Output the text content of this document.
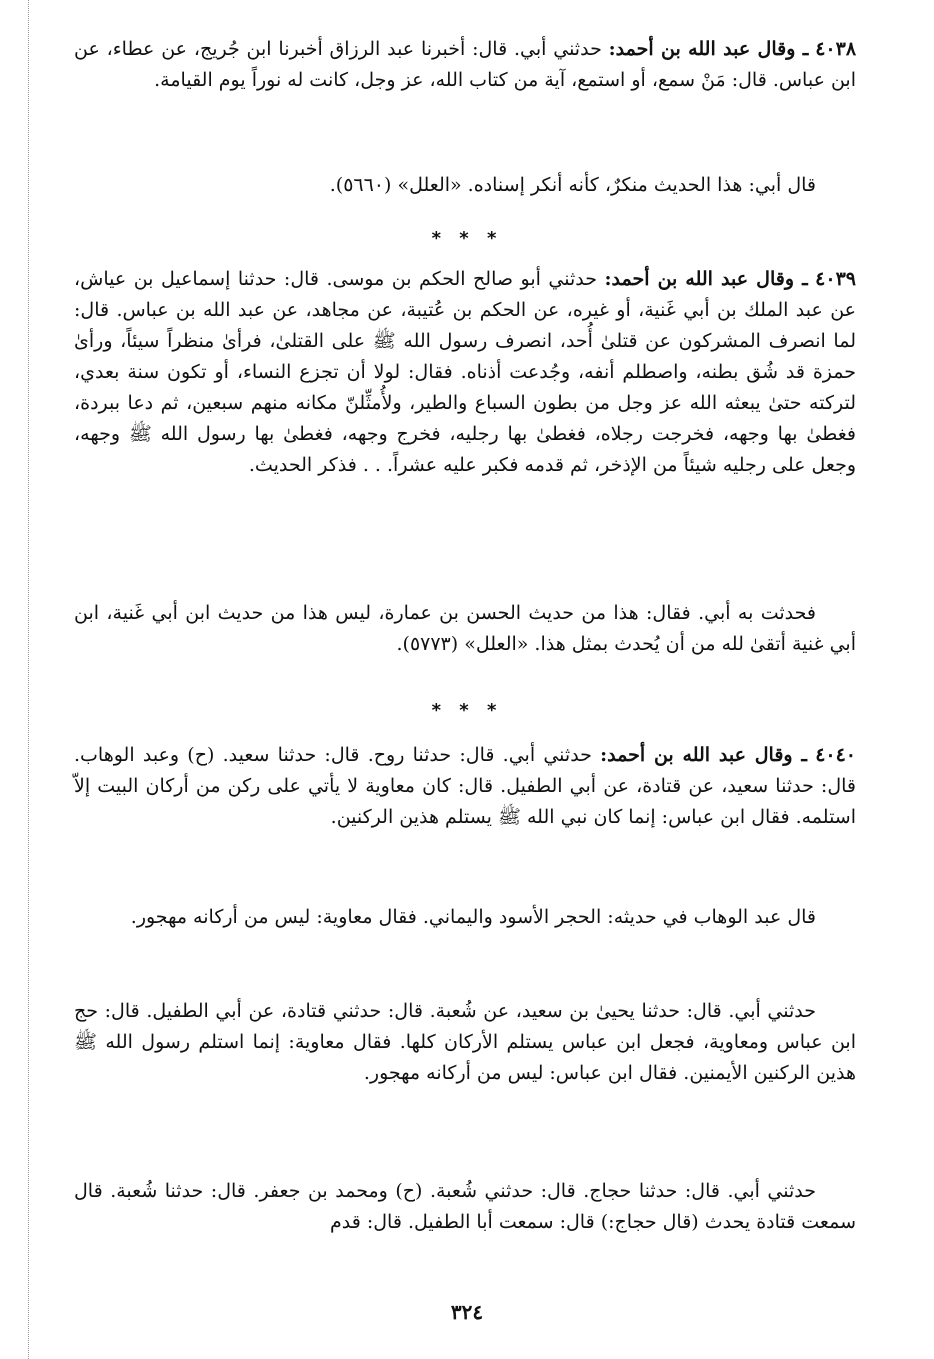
٤٠٣٨ ـ وقال عبد الله بن أحمد: حدثني أبي. قال: أخبرنا عبد الرزاق أخبرنا ابن جُريج، عن عطاء، عن ابن عباس. قال: مَنْ سمع، أو استمع، آية من كتاب الله، عز وجل، كانت له نوراً يوم القيامة.
قال أبي: هذا الحديث منكرٌ، كأنه أنكر إسناده. «العلل» (٥٦٦٠).
* * *
٤٠٣٩ ـ وقال عبد الله بن أحمد: حدثني أبو صالح الحكم بن موسى. قال: حدثنا إسماعيل بن عياش، عن عبد الملك بن أبي غَنية، أو غيره، عن الحكم بن عُتيبة، عن مجاهد، عن عبد الله بن عباس. قال: لما انصرف المشركون عن قتلىٰ أُحد، انصرف رسول الله ﷺ على القتلىٰ، فرأىٰ منظراً سيئاً، ورأىٰ حمزة قد شُق بطنه، واصطلم أنفه، وجُدعت أذناه. فقال: لولا أن تجزع النساء، أو تكون سنة بعدي، لتركته حتىٰ يبعثه الله عز وجل من بطون السباع والطير، ولأُمثِّلنّ مكانه منهم سبعين، ثم دعا ببردة، فغطىٰ بها وجهه، فخرجت رجلاه، فغطىٰ بها رجليه، فخرج وجهه، فغطىٰ بها رسول الله ﷺ وجهه، وجعل على رجليه شيئاً من الإذخر، ثم قدمه فكبر عليه عشراً. . . فذكر الحديث.
فحدثت به أبي. فقال: هذا من حديث الحسن بن عمارة، ليس هذا من حديث ابن أبي غَنية، ابن أبي غنية أتقىٰ لله من أن يُحدث بمثل هذا. «العلل» (٥٧٧٣).
* * *
٤٠٤٠ ـ وقال عبد الله بن أحمد: حدثني أبي. قال: حدثنا روح. قال: حدثنا سعيد. (ح) وعبد الوهاب. قال: حدثنا سعيد، عن قتادة، عن أبي الطفيل. قال: كان معاوية لا يأتي على ركن من أركان البيت إلاّ استلمه. فقال ابن عباس: إنما كان نبي الله ﷺ يستلم هذين الركنين.
قال عبد الوهاب في حديثه: الحجر الأسود واليماني. فقال معاوية: ليس من أركانه مهجور.
حدثني أبي. قال: حدثنا يحيىٰ بن سعيد، عن شُعبة. قال: حدثني قتادة، عن أبي الطفيل. قال: حج ابن عباس ومعاوية، فجعل ابن عباس يستلم الأركان كلها. فقال معاوية: إنما استلم رسول الله ﷺ هذين الركنين الأيمنين. فقال ابن عباس: ليس من أركانه مهجور.
حدثني أبي. قال: حدثنا حجاج. قال: حدثني شُعبة. (ح) ومحمد بن جعفر. قال: حدثنا شُعبة. قال سمعت قتادة يحدث (قال حجاج:) قال: سمعت أبا الطفيل. قال: قدم
٣٢٤
